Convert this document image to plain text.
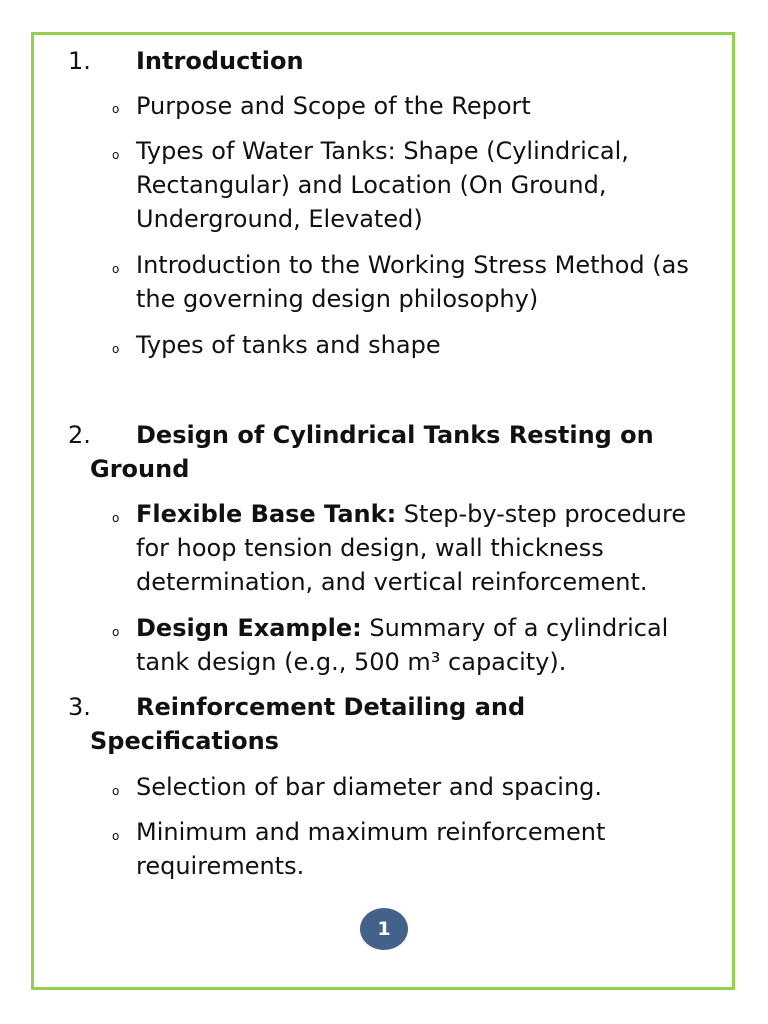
1. Introduction
o Purpose and Scope of the Report
o Types of Water Tanks: Shape (Cylindrical,
Rectangular) and Location (On Ground,
Underground, Elevated)
o Introduction to the Working Stress Method (as
the governing design philosophy)
o Types of tanks and shape
2. Design of Cylindrical Tanks Resting on
Ground
o Flexible Base Tank: Step-by-step procedure
for hoop tension design, wall thickness
determination, and vertical reinforcement.
o Design Example: Summary of a cylindrical
tank design (e.g., 500 m³ capacity).
3. Reinforcement Detailing and
Specifications
o Selection of bar diameter and spacing.
o Minimum and maximum reinforcement
requirements.
1
